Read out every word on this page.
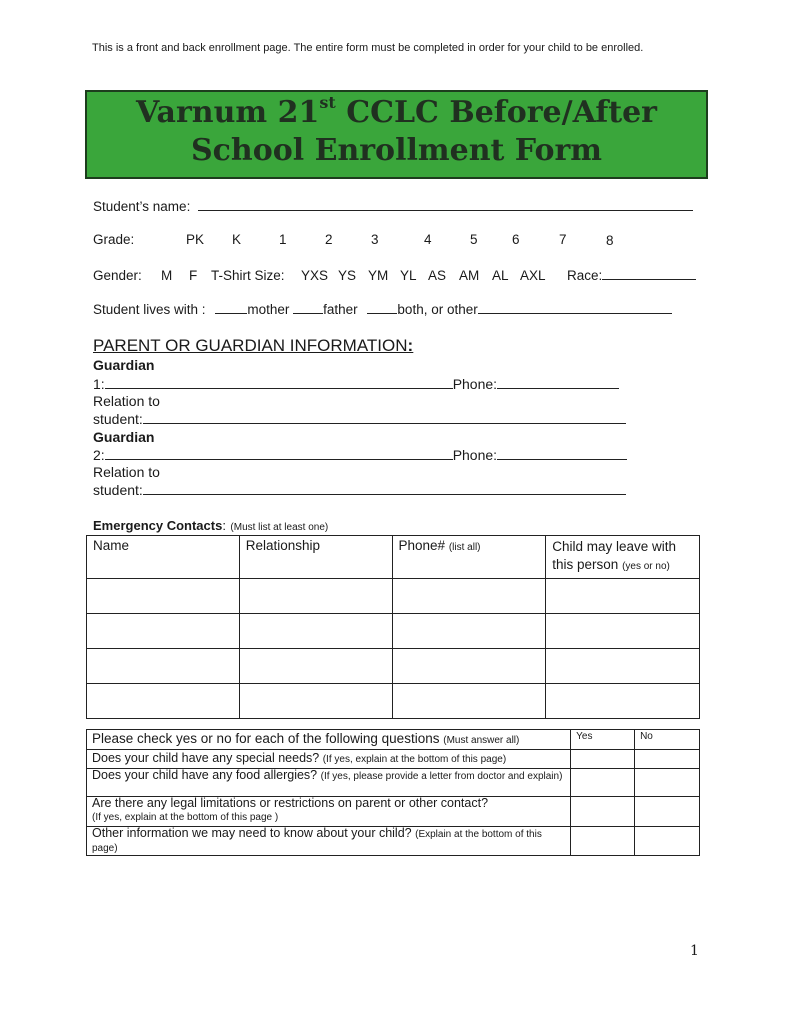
This is a front and back enrollment page. The entire form must be completed in order for your child to be enrolled.
Varnum 21st CCLC Before/After
School Enrollment Form
Student’s name:
Grade:	PK K	1	2	3	4	5	6	7	8
Gender: M F T-Shirt Size: YXS YS YM YL AS AM AL AXL Race:
Student lives with :	mother	father	both, or other
PARENT OR GUARDIAN INFORMATION:
Guardian
1:	Phone:
Relation to
student:
Guardian
2:	Phone:
Relation to
student:
Emergency Contacts: (Must list at least one)
Name	Relationship	Phone# (list all)	Child may leave with this person (yes or no)

Please check yes or no for each of the following questions (Must answer all)	Yes	No
Does your child have any special needs? (If yes, explain at the bottom of this page)		
Does your child have any food allergies? (If yes, please provide a letter from doctor and explain)		
Are there any legal limitations or restrictions on parent or other contact?
(If yes, explain at the bottom of this page )		
Other information we may need to know about your child? (Explain at the bottom of this page)		
1
